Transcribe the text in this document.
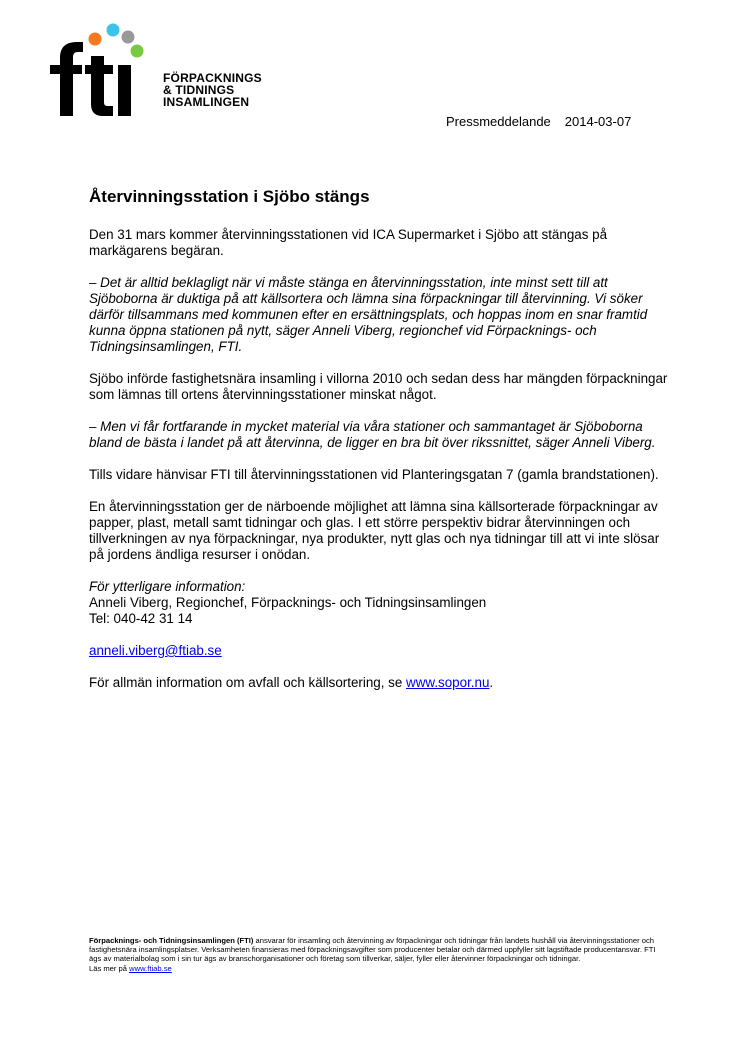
FÖRPACKNINGS
& TIDNINGS
INSAMLINGEN
Pressmeddelande 2014-03-07
Återvinningsstation i Sjöbo stängs

Den 31 mars kommer återvinningsstationen vid ICA Supermarket i Sjöbo att stängas på markägarens begäran.

– Det är alltid beklagligt när vi måste stänga en återvinningsstation, inte minst sett till att Sjöboborna är duktiga på att källsortera och lämna sina förpackningar till återvinning. Vi söker därför tillsammans med kommunen efter en ersättningsplats, och hoppas inom en snar framtid kunna öppna stationen på nytt, säger Anneli Viberg, regionchef vid Förpacknings- och Tidningsinsamlingen, FTI.

Sjöbo införde fastighetsnära insamling i villorna 2010 och sedan dess har mängden förpackningar som lämnas till ortens återvinningsstationer minskat något.

– Men vi får fortfarande in mycket material via våra stationer och sammantaget är Sjöboborna bland de bästa i landet på att återvinna, de ligger en bra bit över rikssnittet, säger Anneli Viberg.

Tills vidare hänvisar FTI till återvinningsstationen vid Planteringsgatan 7 (gamla brandstationen).

En återvinningsstation ger de närboende möjlighet att lämna sina källsorterade förpackningar av papper, plast, metall samt tidningar och glas. I ett större perspektiv bidrar återvinningen och tillverkningen av nya förpackningar, nya produkter, nytt glas och nya tidningar till att vi inte slösar på jordens ändliga resurser i onödan.

För ytterligare information:
Anneli Viberg, Regionchef, Förpacknings- och Tidningsinsamlingen
Tel: 040-42 31 14

anneli.viberg@ftiab.se

För allmän information om avfall och källsortering, se www.sopor.nu.

Förpacknings- och Tidningsinsamlingen (FTI) ansvarar för insamling och återvinning av förpackningar och tidningar från landets hushåll via återvinningsstationer och fastighetsnära insamlingsplatser. Verksamheten finansieras med förpackningsavgifter som producenter betalar och därmed uppfyller sitt lagstiftade producentansvar. FTI ägs av materialbolag som i sin tur ägs av branschorganisationer och företag som tillverkar, säljer, fyller eller återvinner förpackningar och tidningar.
Läs mer på www.ftiab.se
